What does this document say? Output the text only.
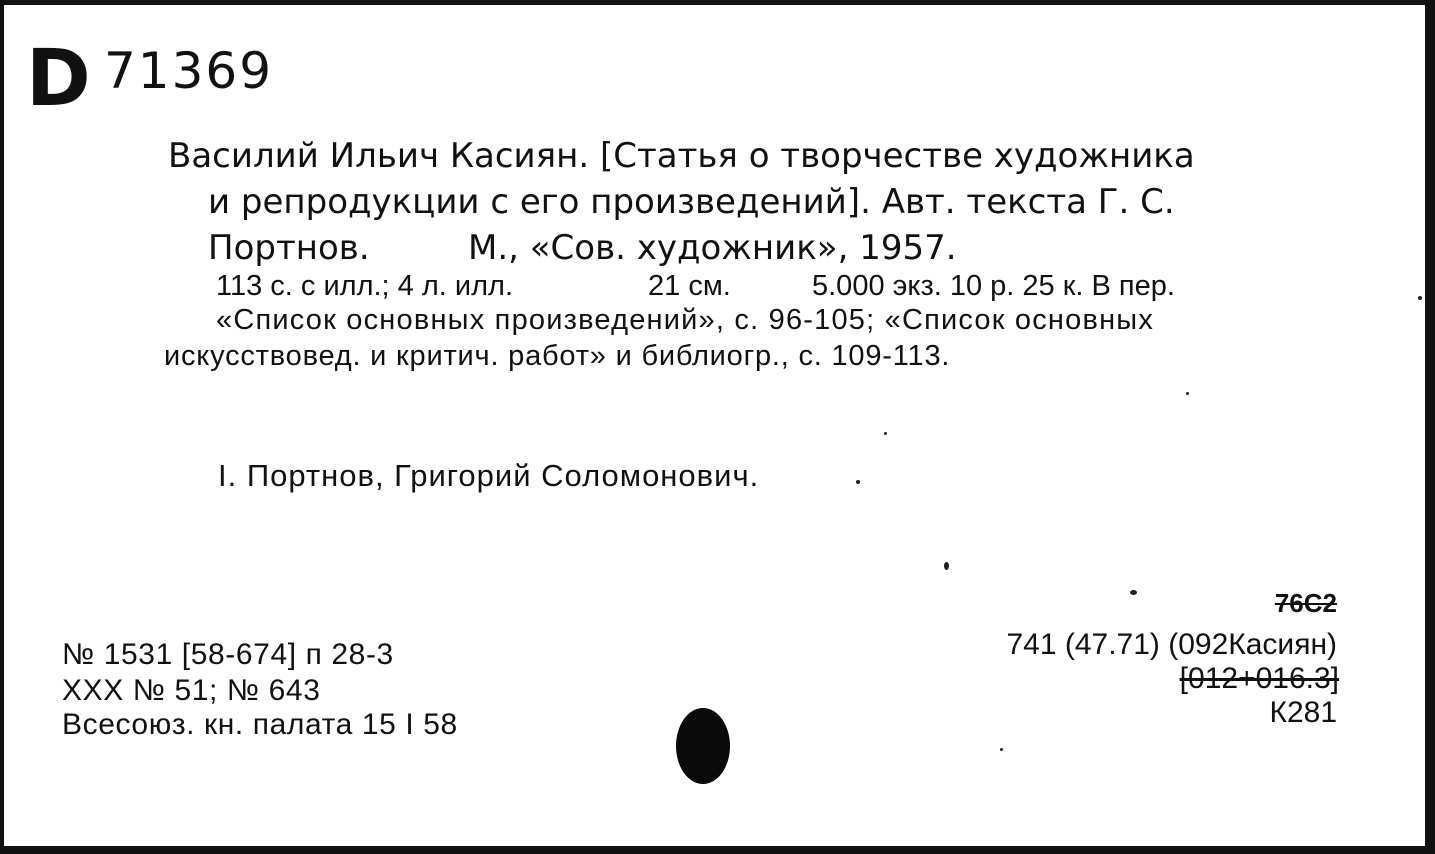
D 71369
Василий Ильич Касиян. [Статья о творчестве художника
и репродукции с его произведений]. Авт. текста Г. С.
Портнов.	М., «Сов. художник», 1957.
113 с. с илл.; 4 л. илл.	21 см.	5.000 экз. 10 р. 25 к. В пер.
«Список основных произведений», с. 96-105; «Список основных
искусствовед. и критич. работ» и библиогр., с. 109-113.
I. Портнов, Григорий Соломонович.
№ 1531 [58-674] п 28-3
XXX № 51; № 643
Всесоюз. кн. палата 15 I 58
76C2
741 (47.71) (092Касиян)
[012+016.3]
К281
